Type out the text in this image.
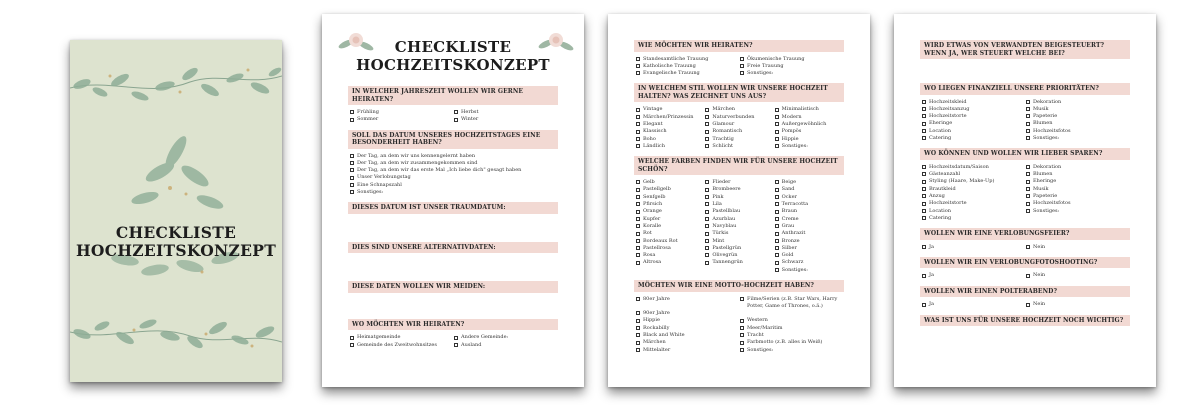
CHECKLISTE
HOCHZEITSKONZEPT
CHECKLISTE
HOCHZEITSKONZEPT
IN WELCHER JAHRESZEIT WOLLEN WIR GERNE HEIRATEN?
Frühling	Herbst
Sommer	Winter
SOLL DAS DATUM UNSERES HOCHZEITSTAGES EINE BESONDERHEIT HABEN?
Der Tag, an dem wir uns kennengelernt haben
Der Tag, an dem wir zusammengekommen sind
Der Tag, an dem wir das erste Mal „Ich liebe dich" gesagt haben
Unser Verlobungstag
Eine Schnapszahl
Sonstiges:
DIESES DATUM IST UNSER TRAUMDATUM:
DIES SIND UNSERE ALTERNATIVDATEN:
DIESE DATEN WOLLEN WIR MEIDEN:
WO MÖCHTEN WIR HEIRATEN?
Heimatgemeinde	Andere Gemeinde:
Gemeinde des Zweitwohnsitzes	Ausland
WIE MÖCHTEN WIR HEIRATEN?
Standesamtliche Trauung	Ökumenische Trauung
Katholische Trauung	Freie Trauung
Evangelische Trauung	Sonstiges:
IN WELCHEM STIL WOLLEN WIR UNSERE HOCHZEIT HALTEN? WAS ZEICHNET UNS AUS?
Vintage	Märchen	Minimalistisch
Märchen/Prinzessin	Naturverbunden	Modern
Elegant	Glamour	Außergewöhnlich
Klassisch	Romantisch	Pompös
Boho	Trachtig	Hippie
Ländlich	Schlicht	Sonstiges:
WELCHE FARBEN FINDEN WIR FÜR UNSERE HOCHZEIT SCHÖN?
Gelb	Flieder	Beige
Pastellgelb	Brombeere	Sand
Senfgelb	Pink	Ocker
Pfirsich	Lila	Terracotta
Orange	Pastellblau	Braun
Kupfer	Azurblau	Creme
Koralle	Navyblau	Grau
Rot	Türkis	Anthrazit
Bordeaux Rot	Mint	Bronze
Pastellrosa	Pastellgrün	Silber
Rosa	Olivegrün	Gold
Altrosa	Tannengrün	Schwarz
Sonstiges:
MÖCHTEN WIR EINE MOTTO-HOCHZEIT HABEN?
80er Jahre	Filme/Serien (z.B. Star Wars, Harry Potter, Game of Thrones, o.ä.)
90er Jahre
Hippie	Western
Rockabilly	Meer/Maritim
Black and White	Tracht
Märchen	Farbmotto (z.B. alles in Weiß)
Mittelalter	Sonstiges:
WIRD ETWAS VON VERWANDTEN BEIGESTEUERT? WENN JA, WER STEUERT WELCHE BEI?
WO LIEGEN FINANZIELL UNSERE PRIORITÄTEN?
Hochzeitskleid	Dekoration
Hochzeitsanzug	Musik
Hochzeitstorte	Papeterie
Eheringe	Blumen
Location	Hochzeitsfotos
Catering	Sonstiges:
WO KÖNNEN UND WOLLEN WIR LIEBER SPAREN?
Hochzeitsdatum/Saison	Dekoration
Gästeanzahl	Blumen
Styling (Haare, Make-Up)	Eheringe
Brautkleid	Musik
Anzug	Papeterie
Hochzeitstorte	Hochzeitsfotos
Location	Sonstiges:
Catering
WOLLEN WIR EINE VERLOBUNGSFEIER?
Ja	Nein
WOLLEN WIR EIN VERLOBUNGFOTOSHOOTING?
Ja	Nein
WOLLEN WIR EINEN POLTERABEND?
Ja	Nein
WAS IST UNS FÜR UNSERE HOCHZEIT NOCH WICHTIG?
